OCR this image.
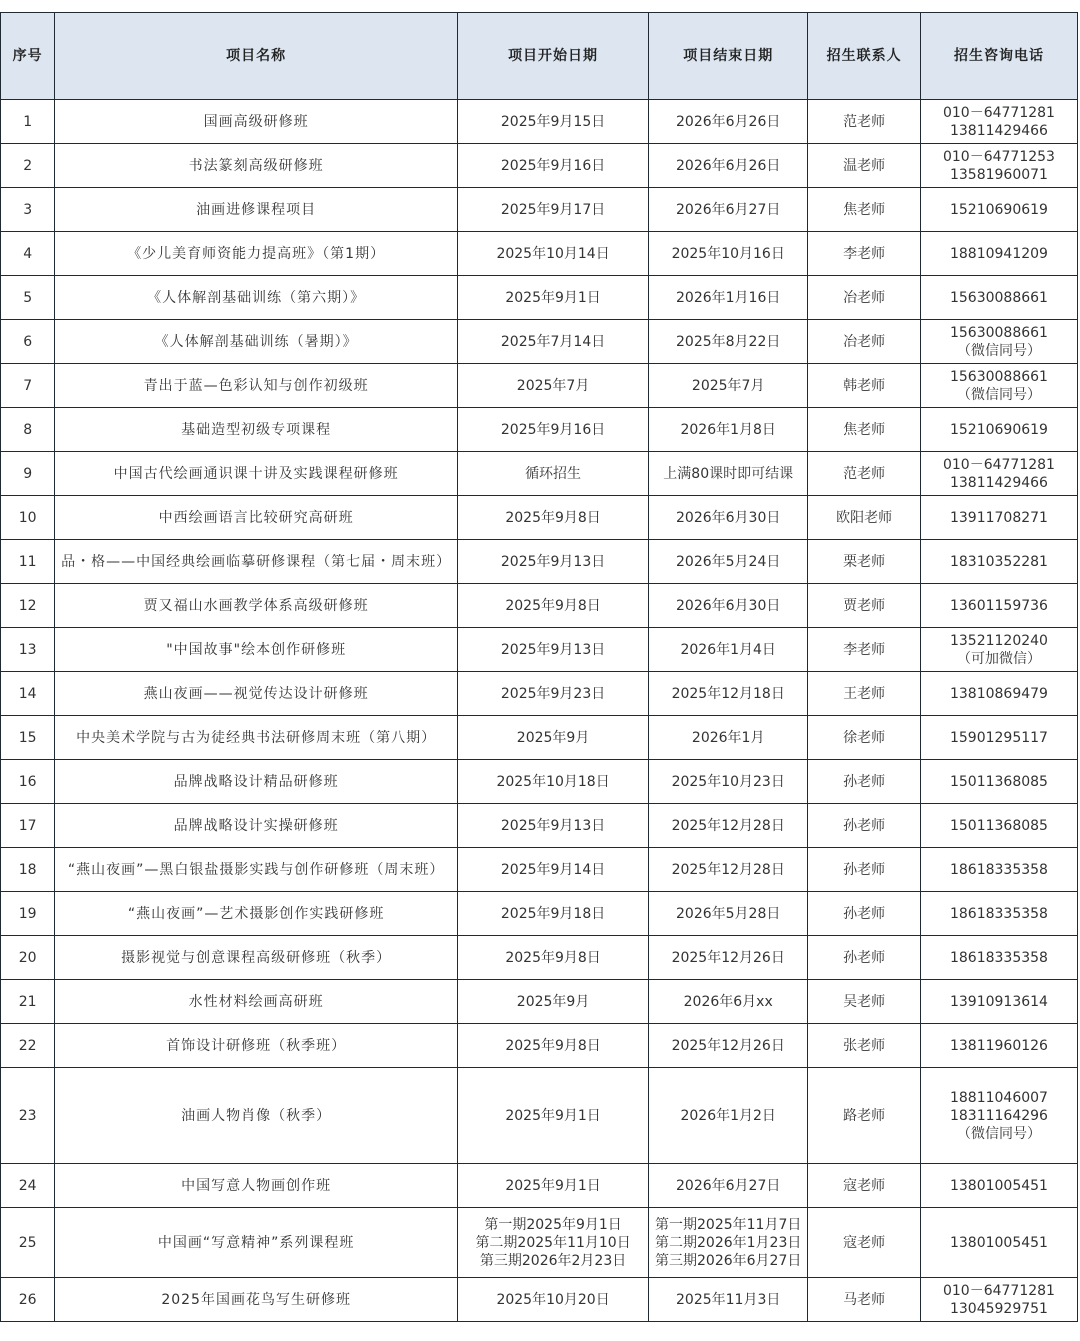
序号	项目名称	项目开始日期	项目结束日期	招生联系人	招生咨询电话
1	国画高级研修班	2025年9月15日	2026年6月26日	范老师	010－64771281
13811429466

2	书法篆刻高级研修班	2025年9月16日	2026年6月26日	温老师	010－64771253
13581960071

3	油画进修课程项目	2025年9月17日	2026年6月27日	焦老师	15210690619

4	《少儿美育师资能力提高班》（第1期）	2025年10月14日	2025年10月16日	李老师	18810941209

5	《人体解剖基础训练（第六期）》	2025年9月1日	2026年1月16日	冶老师	15630088661

6	《人体解剖基础训练（暑期）》	2025年7月14日	2025年8月22日	冶老师	15630088661
（微信同号）

7	青出于蓝—色彩认知与创作初级班	2025年7月	2025年7月	韩老师	15630088661
（微信同号）

8	基础造型初级专项课程	2025年9月16日	2026年1月8日	焦老师	15210690619

9	中国古代绘画通识课十讲及实践课程研修班	循环招生	上满80课时即可结课	范老师	010－64771281
13811429466

10	中西绘画语言比较研究高研班	2025年9月8日	2026年6月30日	欧阳老师	13911708271

11	品・格——中国经典绘画临摹研修课程（第七届・周末班）	2025年9月13日	2026年5月24日	栗老师	18310352281

12	贾又福山水画教学体系高级研修班	2025年9月8日	2026年6月30日	贾老师	13601159736

13	"中国故事"绘本创作研修班	2025年9月13日	2026年1月4日	李老师	13521120240
（可加微信）

14	燕山夜画——视觉传达设计研修班	2025年9月23日	2025年12月18日	王老师	13810869479

15	中央美术学院与古为徒经典书法研修周末班（第八期）	2025年9月	2026年1月	徐老师	15901295117

16	品牌战略设计精品研修班	2025年10月18日	2025年10月23日	孙老师	15011368085

17	品牌战略设计实操研修班	2025年9月13日	2025年12月28日	孙老师	15011368085

18	“燕山夜画”—黑白银盐摄影实践与创作研修班（周末班）	2025年9月14日	2025年12月28日	孙老师	18618335358

19	“燕山夜画”—艺术摄影创作实践研修班	2025年9月18日	2026年5月28日	孙老师	18618335358

20	摄影视觉与创意课程高级研修班（秋季）	2025年9月8日	2025年12月26日	孙老师	18618335358

21	水性材料绘画高研班	2025年9月	2026年6月xx	吴老师	13910913614

22	首饰设计研修班（秋季班）	2025年9月8日	2025年12月26日	张老师	13811960126

23	油画人物肖像（秋季）	2025年9月1日	2026年1月2日	路老师	18811046007
18311164296
（微信同号）

24	中国写意人物画创作班	2025年9月1日	2026年6月27日	寇老师	13801005451

25	中国画“写意精神”系列课程班	第一期2025年9月1日
第二期2025年11月10日
第三期2026年2月23日	第一期2025年11月7日
第二期2026年1月23日
第三期2026年6月27日	寇老师	13801005451

26	2025年国画花鸟写生研修班	2025年10月20日	2025年11月3日	马老师	010－64771281
13045929751
